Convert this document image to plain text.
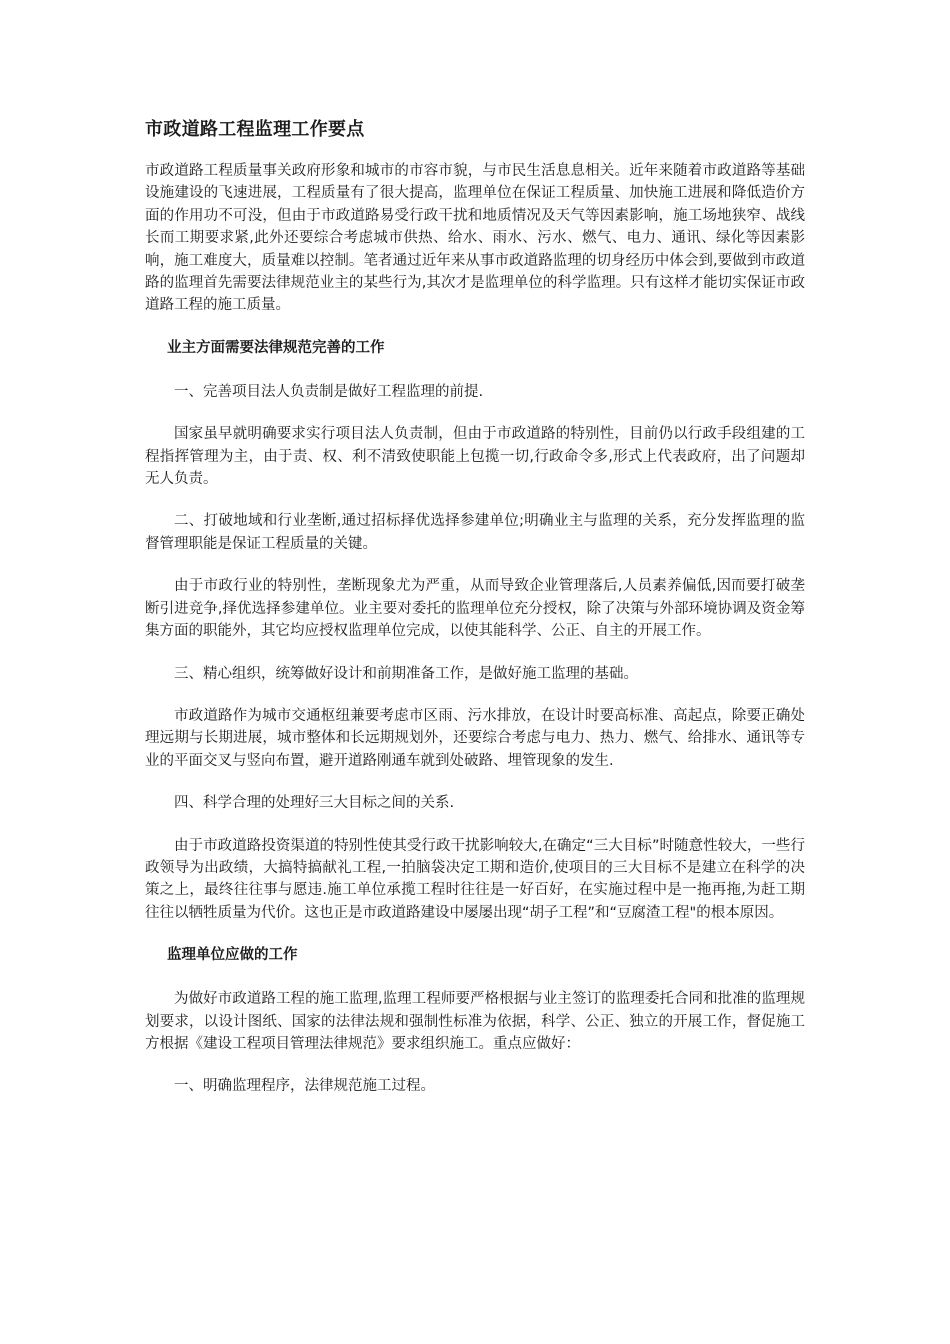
市政道路工程监理工作要点

市政道路工程质量事关政府形象和城市的市容市貌，与市民生活息息相关。近年来随着市政道路等基础设施建设的飞速进展，工程质量有了很大提高，监理单位在保证工程质量、加快施工进展和降低造价方面的作用功不可没，但由于市政道路易受行政干扰和地质情况及天气等因素影响，施工场地狭窄、战线长而工期要求紧,此外还要综合考虑城市供热、给水、雨水、污水、燃气、电力、通讯、绿化等因素影响，施工难度大，质量难以控制。笔者通过近年来从事市政道路监理的切身经历中体会到,要做到市政道路的监理首先需要法律规范业主的某些行为,其次才是监理单位的科学监理。只有这样才能切实保证市政道路工程的施工质量。

业主方面需要法律规范完善的工作

一、完善项目法人负责制是做好工程监理的前提.

国家虽早就明确要求实行项目法人负责制，但由于市政道路的特别性，目前仍以行政手段组建的工程指挥管理为主，由于责、权、利不清致使职能上包揽一切,行政命令多,形式上代表政府，出了问题却无人负责。

二、打破地域和行业垄断,通过招标择优选择参建单位;明确业主与监理的关系，充分发挥监理的监督管理职能是保证工程质量的关键。

由于市政行业的特别性，垄断现象尤为严重，从而导致企业管理落后,人员素养偏低,因而要打破垄断引进竞争,择优选择参建单位。业主要对委托的监理单位充分授权，除了决策与外部环境协调及资金筹集方面的职能外，其它均应授权监理单位完成，以使其能科学、公正、自主的开展工作。

三、精心组织，统筹做好设计和前期准备工作，是做好施工监理的基础。

市政道路作为城市交通枢纽兼要考虑市区雨、污水排放，在设计时要高标准、高起点，除要正确处理远期与长期进展，城市整体和长远期规划外，还要综合考虑与电力、热力、燃气、给排水、通讯等专业的平面交叉与竖向布置，避开道路刚通车就到处破路、埋管现象的发生.

四、科学合理的处理好三大目标之间的关系.

由于市政道路投资渠道的特别性使其受行政干扰影响较大,在确定“三大目标”时随意性较大，一些行政领导为出政绩，大搞特搞献礼工程,一拍脑袋决定工期和造价,使项目的三大目标不是建立在科学的决策之上，最终往往事与愿违.施工单位承揽工程时往往是一好百好，在实施过程中是一拖再拖,为赶工期往往以牺牲质量为代价。这也正是市政道路建设中屡屡出现“胡子工程”和“豆腐渣工程"的根本原因。

监理单位应做的工作

为做好市政道路工程的施工监理,监理工程师要严格根据与业主签订的监理委托合同和批准的监理规划要求，以设计图纸、国家的法律法规和强制性标准为依据，科学、公正、独立的开展工作，督促施工方根据《建设工程项目管理法律规范》要求组织施工。重点应做好：

一、明确监理程序，法律规范施工过程。
